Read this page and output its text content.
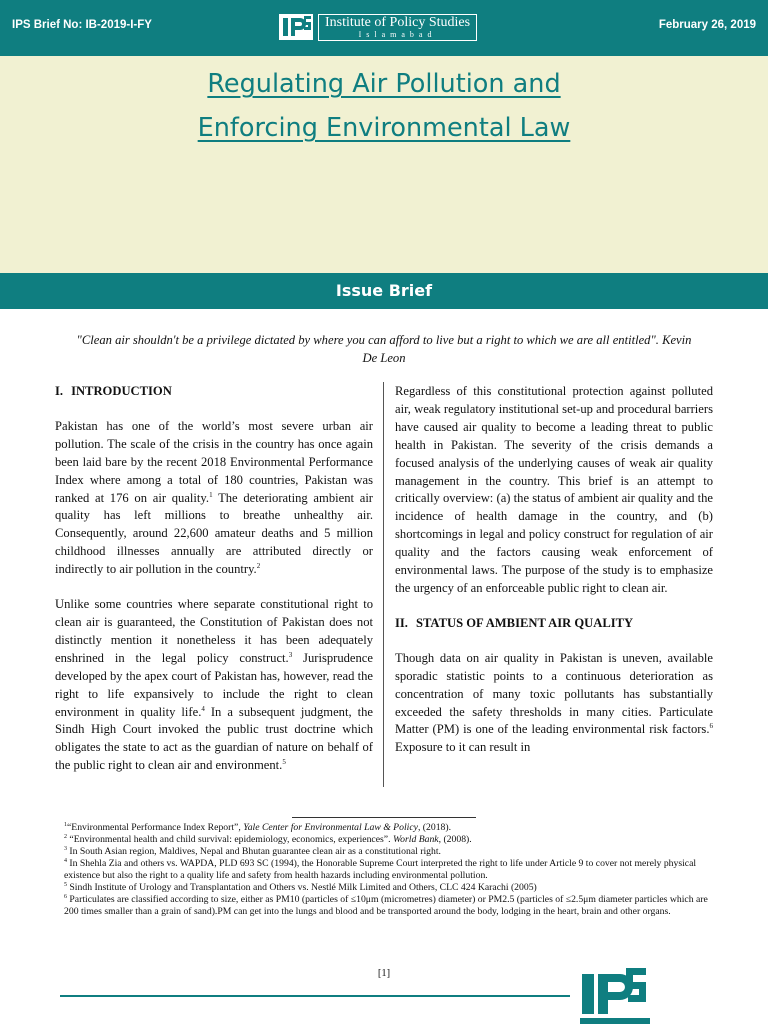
IPS Brief No: IB-2019-I-FY	Institute of Policy Studies
Islamabad
February 26, 2019
Regulating Air Pollution and
Enforcing Environmental Law
Issue Brief
"Clean air shouldn't be a privilege dictated by where you can afford to live but a right to which we are all entitled". Kevin De Leon
I. INTRODUCTION

Pakistan has one of the world’s most severe urban air pollution. The scale of the crisis in the country has once again been laid bare by the recent 2018 Environmental Performance Index where among a total of 180 countries, Pakistan was ranked at 176 on air quality.$^1$ The deteriorating ambient air quality has left millions to breathe unhealthy air. Consequently, around 22,600 amateur deaths and 5 million childhood illnesses annually are attributed directly or indirectly to air pollution in the country.$^2$

Unlike some countries where separate constitutional right to clean air is guaranteed, the Constitution of Pakistan does not distinctly mention it nonetheless it has been adequately enshrined in the legal policy construct.$^3$ Jurisprudence developed by the apex court of Pakistan has, however, read the right to life expansively to include the right to clean environment in quality life.$^4$ In a subsequent judgment, the Sindh High Court invoked the public trust doctrine which obligates the state to act as the guardian of nature on behalf of the public right to clean air and environment.$^5$

Regardless of this constitutional protection against polluted air, weak regulatory institutional set-up and procedural barriers have caused air quality to become a leading threat to public health in Pakistan. The severity of the crisis demands a focused analysis of the underlying causes of weak air quality management in the country. This brief is an attempt to critically overview: (a) the status of ambient air quality and the incidence of health damage in the country, and (b) shortcomings in legal and policy construct for regulation of air quality and the factors causing weak enforcement of environmental laws. The purpose of the study is to emphasize the urgency of an enforceable public right to clean air.

II. STATUS OF AMBIENT AIR QUALITY

Though data on air quality in Pakistan is uneven, available sporadic statistic points to a continuous deterioration as concentration of many toxic pollutants has substantially exceeded the safety thresholds in many cities. Particulate Matter (PM) is one of the leading environmental risk factors.$^6$ Exposure to it can result in

$^1$“Environmental Performance Index Report”, Yale Center for Environmental Law & Policy, (2018).
$^2$ “Environmental health and child survival: epidemiology, economics, experiences”. World Bank, (2008).
$^3$ In South Asian region, Maldives, Nepal and Bhutan guarantee clean air as a constitutional right.
$^4$ In Shehla Zia and others vs. WAPDA, PLD 693 SC (1994), the Honorable Supreme Court interpreted the right to life under Article 9 to cover not merely physical existence but also the right to a quality life and safety from health hazards including environmental pollution.
$^5$ Sindh Institute of Urology and Transplantation and Others vs. Nestlé Milk Limited and Others, CLC 424 Karachi (2005)
$^6$ Particulates are classified according to size, either as PM10 (particles of ≤10μm (micrometres) diameter) or PM2.5 (particles of ≤2.5μm diameter particles which are 200 times smaller than a grain of sand).PM can get into the lungs and blood and be transported around the body, lodging in the heart, brain and other organs.
[1]
